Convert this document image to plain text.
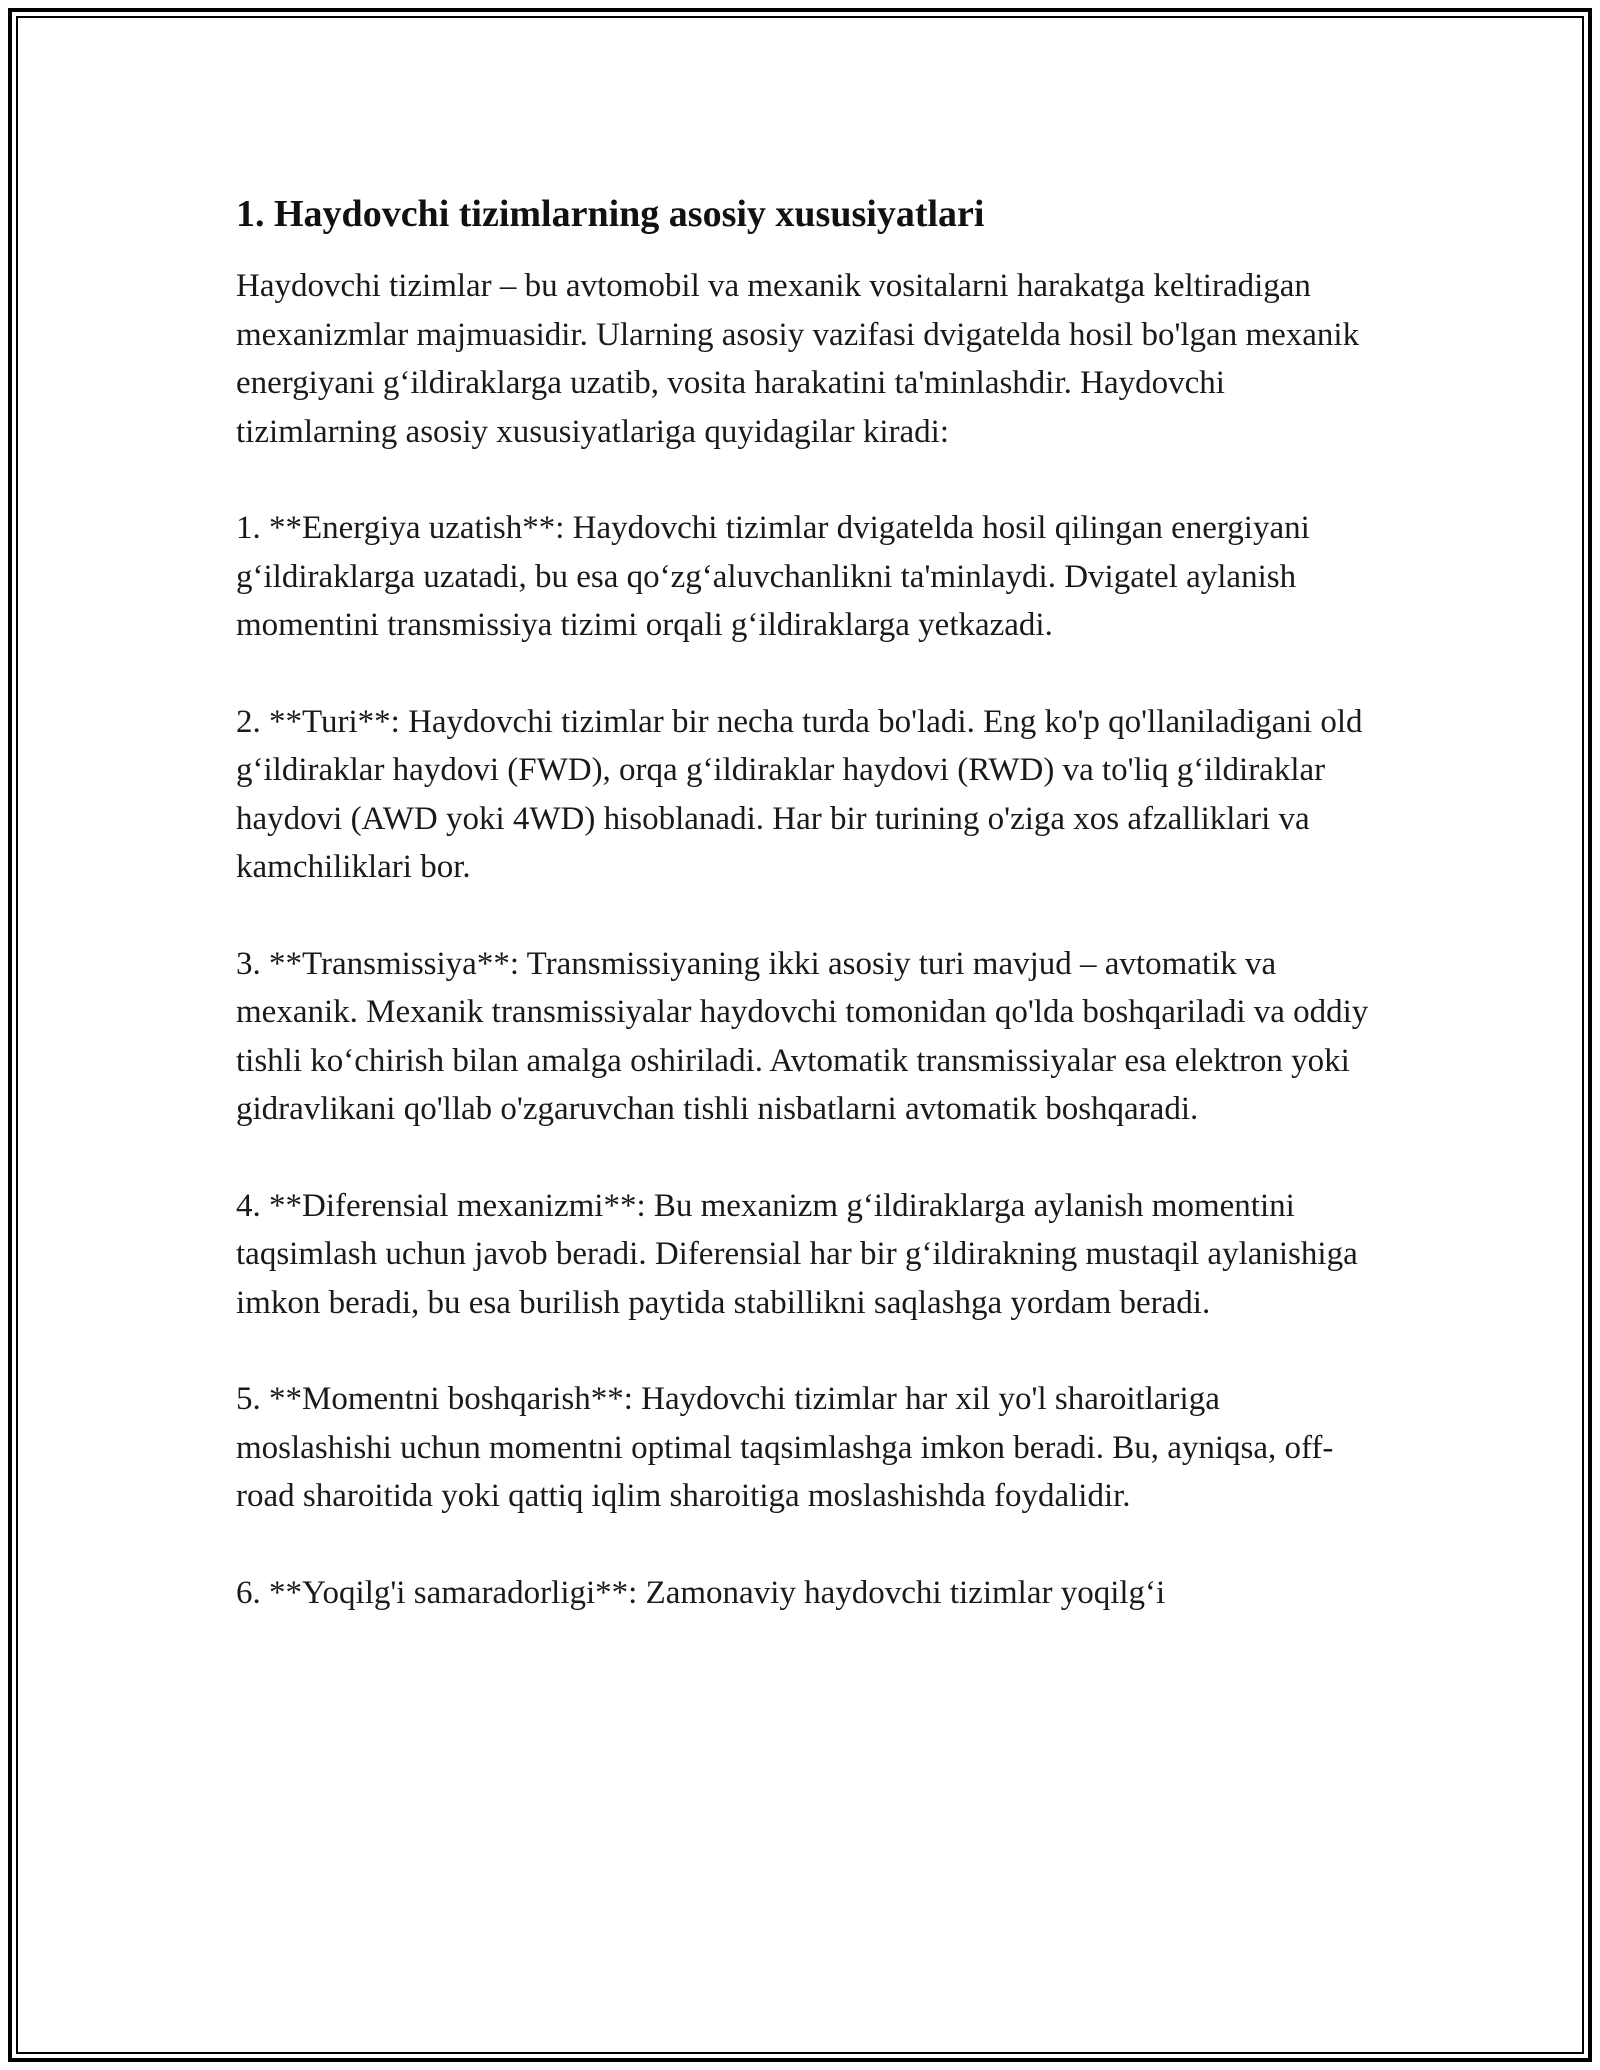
1. Haydovchi tizimlarning asosiy xususiyatlari

Haydovchi tizimlar – bu avtomobil va mexanik vositalarni harakatga keltiradigan mexanizmlar majmuasidir. Ularning asosiy vazifasi dvigatelda hosil bo'lgan mexanik energiyani g‘ildiraklarga uzatib, vosita harakatini ta'minlashdir. Haydovchi tizimlarning asosiy xususiyatlariga quyidagilar kiradi:

1. **Energiya uzatish**: Haydovchi tizimlar dvigatelda hosil qilingan energiyani g‘ildiraklarga uzatadi, bu esa qo‘zg‘aluvchanlikni ta'minlaydi. Dvigatel aylanish momentini transmissiya tizimi orqali g‘ildiraklarga yetkazadi.

2. **Turi**: Haydovchi tizimlar bir necha turda bo'ladi. Eng ko'p qo'llaniladigani old g‘ildiraklar haydovi (FWD), orqa g‘ildiraklar haydovi (RWD) va to'liq g‘ildiraklar haydovi (AWD yoki 4WD) hisoblanadi. Har bir turining o'ziga xos afzalliklari va kamchiliklari bor.

3. **Transmissiya**: Transmissiyaning ikki asosiy turi mavjud – avtomatik va mexanik. Mexanik transmissiyalar haydovchi tomonidan qo'lda boshqariladi va oddiy tishli ko‘chirish bilan amalga oshiriladi. Avtomatik transmissiyalar esa elektron yoki gidravlikani qo'llab o'zgaruvchan tishli nisbatlarni avtomatik boshqaradi.

4. **Diferensial mexanizmi**: Bu mexanizm g‘ildiraklarga aylanish momentini taqsimlash uchun javob beradi. Diferensial har bir g‘ildirakning mustaqil aylanishiga imkon beradi, bu esa burilish paytida stabillikni saqlashga yordam beradi.

5. **Momentni boshqarish**: Haydovchi tizimlar har xil yo'l sharoitlariga moslashishi uchun momentni optimal taqsimlashga imkon beradi. Bu, ayniqsa, off-road sharoitida yoki qattiq iqlim sharoitiga moslashishda foydalidir.

6. **Yoqilg'i samaradorligi**: Zamonaviy haydovchi tizimlar yoqilg‘i
